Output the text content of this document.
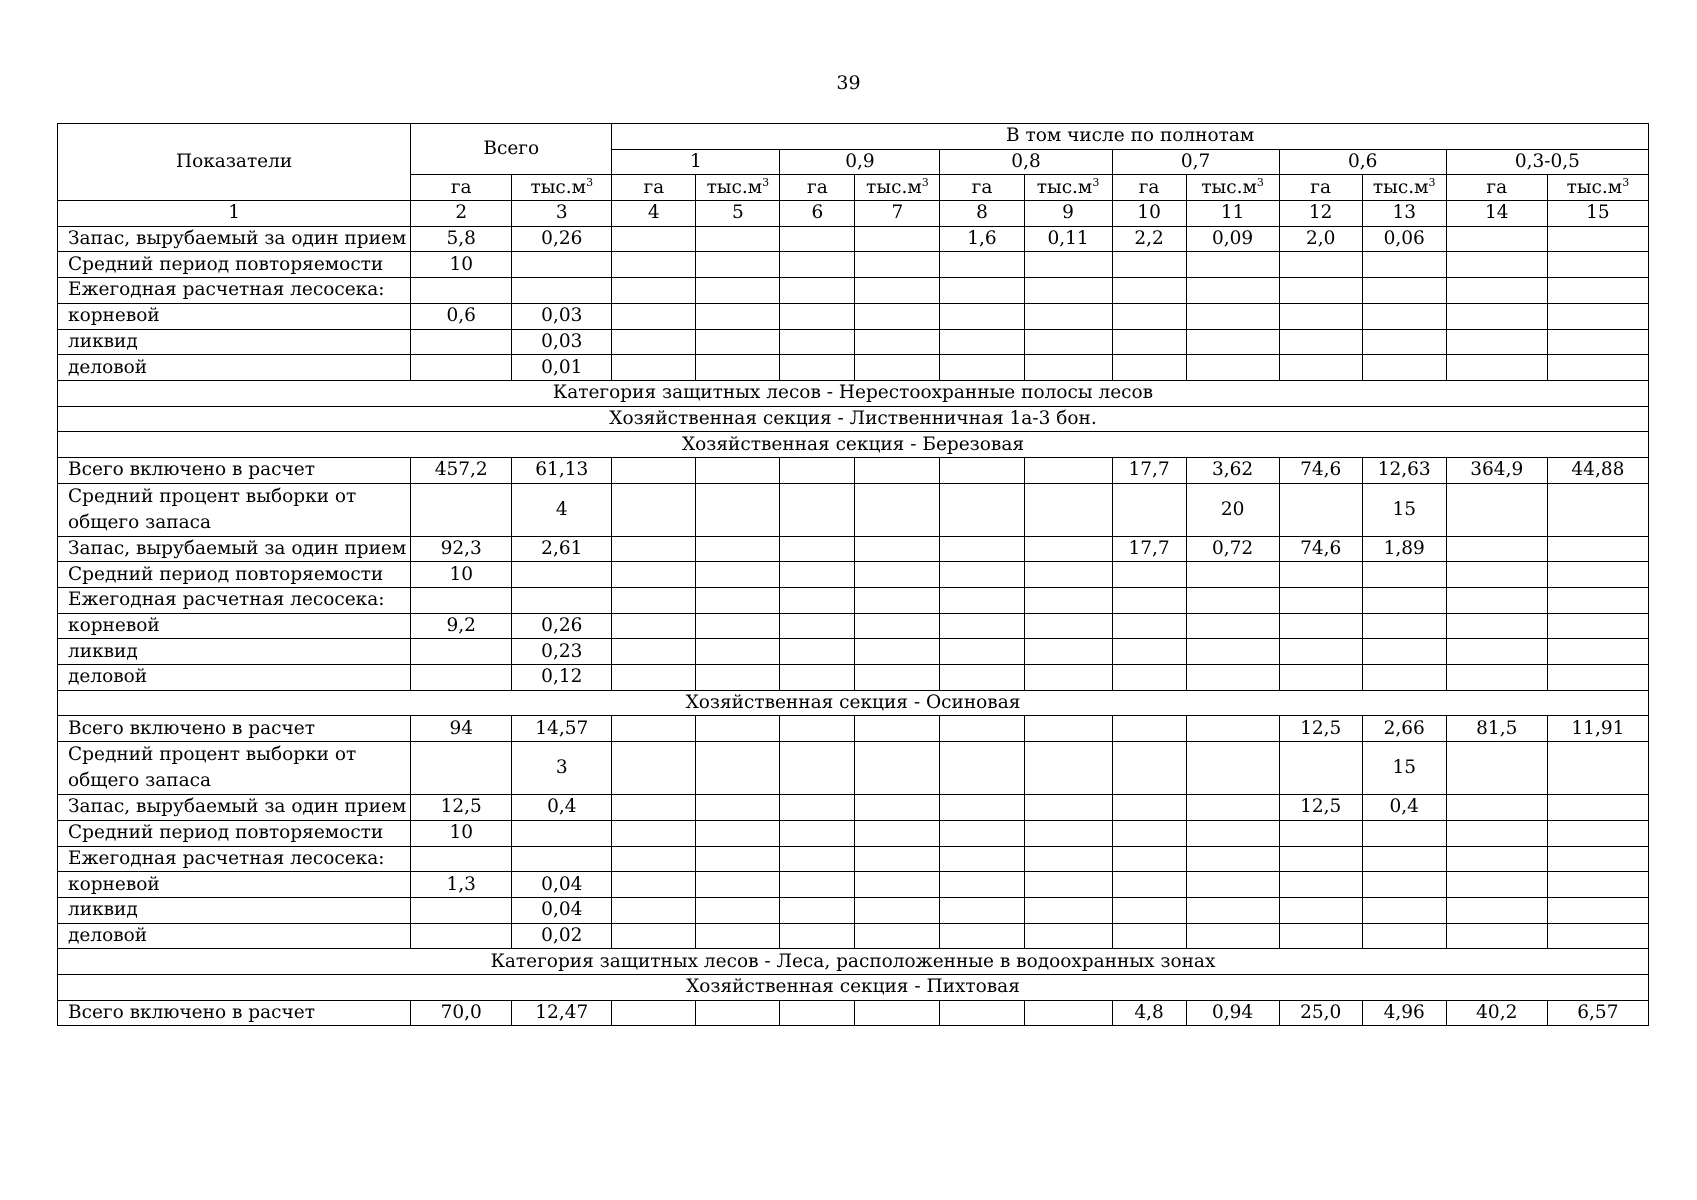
39
Показатели	Всего		В том числе по полнотам											
			1		0,9		0,8		0,7		0,6		0,3-0,5	
	га	$тыс.м^3$	га	$тыс.м^3$	га	$тыс.м^3$	га	$тыс.м^3$	га	$тыс.м^3$	га	$тыс.м^3$	га	$тыс.м^3$
1	2	3	4	5	6	7	8	9	10	11	12	13	14	15
Запас, вырубаемый за один прием	5,8	0,26					1,6	0,11	2,2	0,09	2,0	0,06		
Средний период повторяемости	10													
Ежегодная расчетная лесосека:														
корневой	0,6	0,03												
ликвид		0,03												
деловой		0,01												
Категория защитных лесов - Нерестоохранные полосы лесов														
Хозяйственная секция - Лиственничная 1а-3 бон.														
Хозяйственная секция - Березовая														
Всего включено в расчет	457,2	61,13							17,7	3,62	74,6	12,63	364,9	44,88
Средний процент выборки от общего запаса		4								20		15		
Запас, вырубаемый за один прием	92,3	2,61							17,7	0,72	74,6	1,89		
Средний период повторяемости	10													
Ежегодная расчетная лесосека:														
корневой	9,2	0,26												
ликвид		0,23												
деловой		0,12												
Хозяйственная секция - Осиновая														
Всего включено в расчет	94	14,57									12,5	2,66	81,5	11,91
Средний процент выборки от общего запаса		3										15		
Запас, вырубаемый за один прием	12,5	0,4									12,5	0,4		
Средний период повторяемости	10													
Ежегодная расчетная лесосека:														
корневой	1,3	0,04												
ликвид		0,04												
деловой		0,02												
Категория защитных лесов - Леса, расположенные в водоохранных зонах														
Хозяйственная секция - Пихтовая														
Всего включено в расчет	70,0	12,47							4,8	0,94	25,0	4,96	40,2	6,57
